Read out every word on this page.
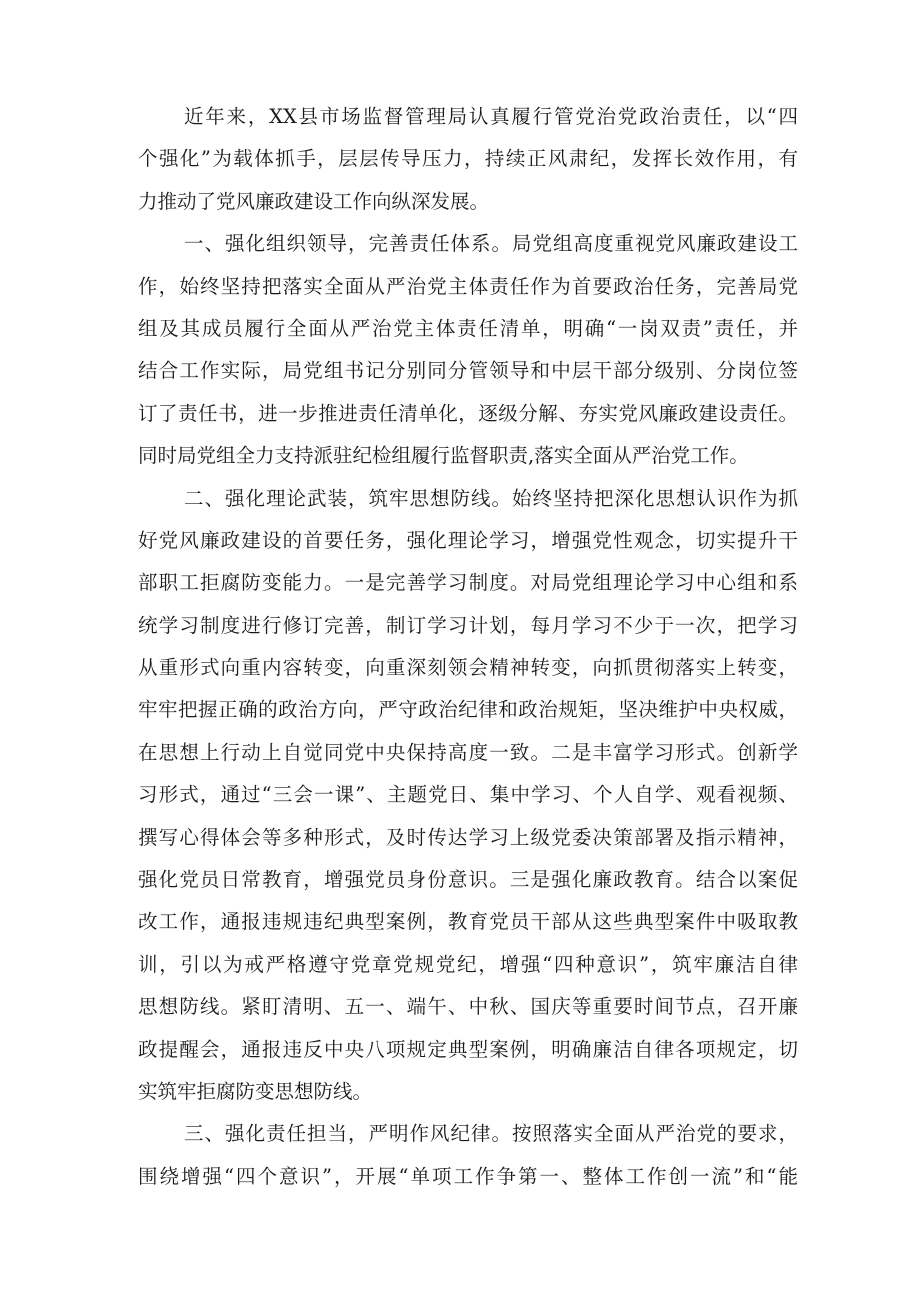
近年来，XX县市场监督管理局认真履行管党治党政治责任，以“四
个强化”为载体抓手，层层传导压力，持续正风肃纪，发挥长效作用，有
力推动了党风廉政建设工作向纵深发展。
一、强化组织领导，完善责任体系。局党组高度重视党风廉政建设工
作，始终坚持把落实全面从严治党主体责任作为首要政治任务，完善局党
组及其成员履行全面从严治党主体责任清单，明确“一岗双责”责任，并
结合工作实际，局党组书记分别同分管领导和中层干部分级别、分岗位签
订了责任书，进一步推进责任清单化，逐级分解、夯实党风廉政建设责任。
同时局党组全力支持派驻纪检组履行监督职责,落实全面从严治党工作。
二、强化理论武装，筑牢思想防线。始终坚持把深化思想认识作为抓
好党风廉政建设的首要任务，强化理论学习，增强党性观念，切实提升干
部职工拒腐防变能力。一是完善学习制度。对局党组理论学习中心组和系
统学习制度进行修订完善，制订学习计划，每月学习不少于一次，把学习
从重形式向重内容转变，向重深刻领会精神转变，向抓贯彻落实上转变，
牢牢把握正确的政治方向，严守政治纪律和政治规矩，坚决维护中央权威，
在思想上行动上自觉同党中央保持高度一致。二是丰富学习形式。创新学
习形式，通过“三会一课”、主题党日、集中学习、个人自学、观看视频、
撰写心得体会等多种形式，及时传达学习上级党委决策部署及指示精神，
强化党员日常教育，增强党员身份意识。三是强化廉政教育。结合以案促
改工作，通报违规违纪典型案例，教育党员干部从这些典型案件中吸取教
训，引以为戒严格遵守党章党规党纪，增强“四种意识”，筑牢廉洁自律
思想防线。紧盯清明、五一、端午、中秋、国庆等重要时间节点，召开廉
政提醒会，通报违反中央八项规定典型案例，明确廉洁自律各项规定，切
实筑牢拒腐防变思想防线。
三、强化责任担当，严明作风纪律。按照落实全面从严治党的要求，
围绕增强“四个意识”，开展“单项工作争第一、整体工作创一流”和“能
